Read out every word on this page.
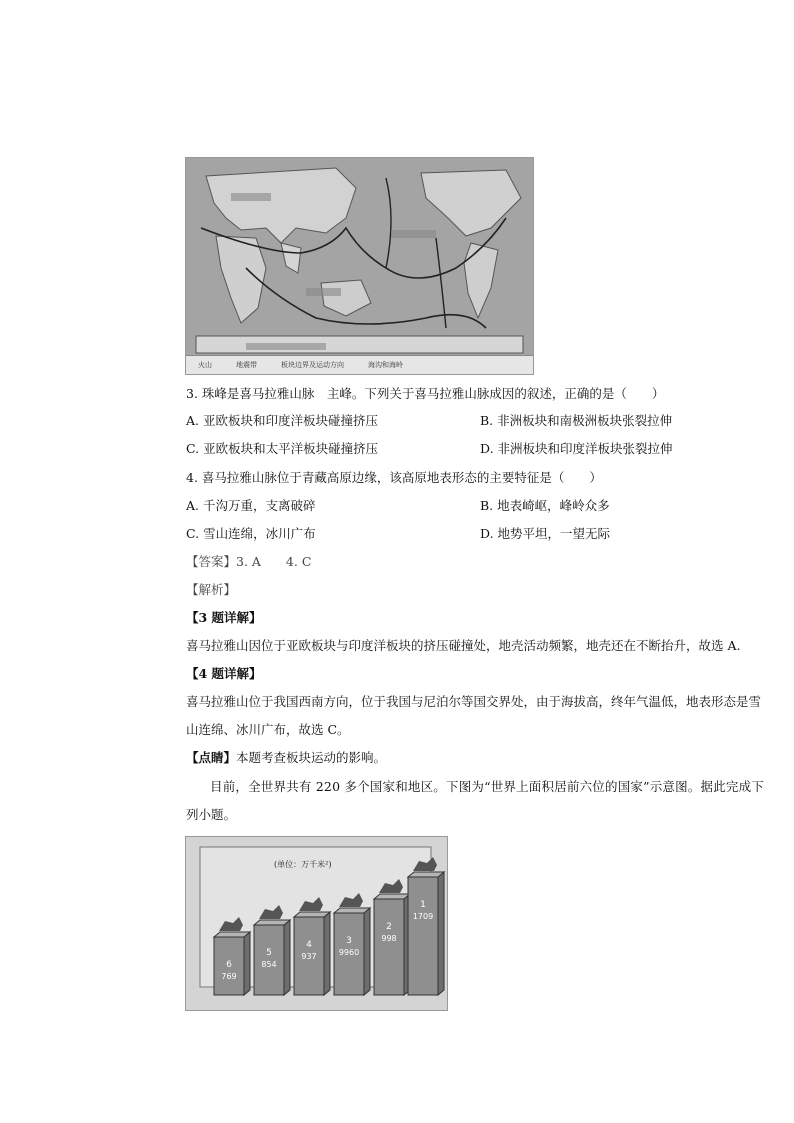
火山	地震带	板块边界及运动方向	海沟和海岭
3. 珠峰是喜马拉雅山脉　主峰。下列关于喜马拉雅山脉成因的叙述，正确的是（　　）
A. 亚欧板块和印度洋板块碰撞挤压	B. 非洲板块和南极洲板块张裂拉伸
C. 亚欧板块和太平洋板块碰撞挤压	D. 非洲板块和印度洋板块张裂拉伸
4. 喜马拉雅山脉位于青藏高原边缘，该高原地表形态的主要特征是（　　）
A. 千沟万重，支离破碎	B. 地表崎岖，峰岭众多
C. 雪山连绵，冰川广布	D. 地势平坦，一望无际
【答案】3. A　　4. C
【解析】
【3 题详解】
喜马拉雅山因位于亚欧板块与印度洋板块的挤压碰撞处，地壳活动频繁，地壳还在不断抬升，故选 A.
【4 题详解】
喜马拉雅山位于我国西南方向，位于我国与尼泊尔等国交界处，由于海拔高，终年气温低，地表形态是雪
山连绵、冰川广布，故选 C。
【点睛】本题考查板块运动的影响。
目前，全世界共有 220 多个国家和地区。下图为“世界上面积居前六位的国家”示意图。据此完成下
列小题。
6
769
5
854
4
937
3
9960
2
998
1
1709
(单位：万千米²)
